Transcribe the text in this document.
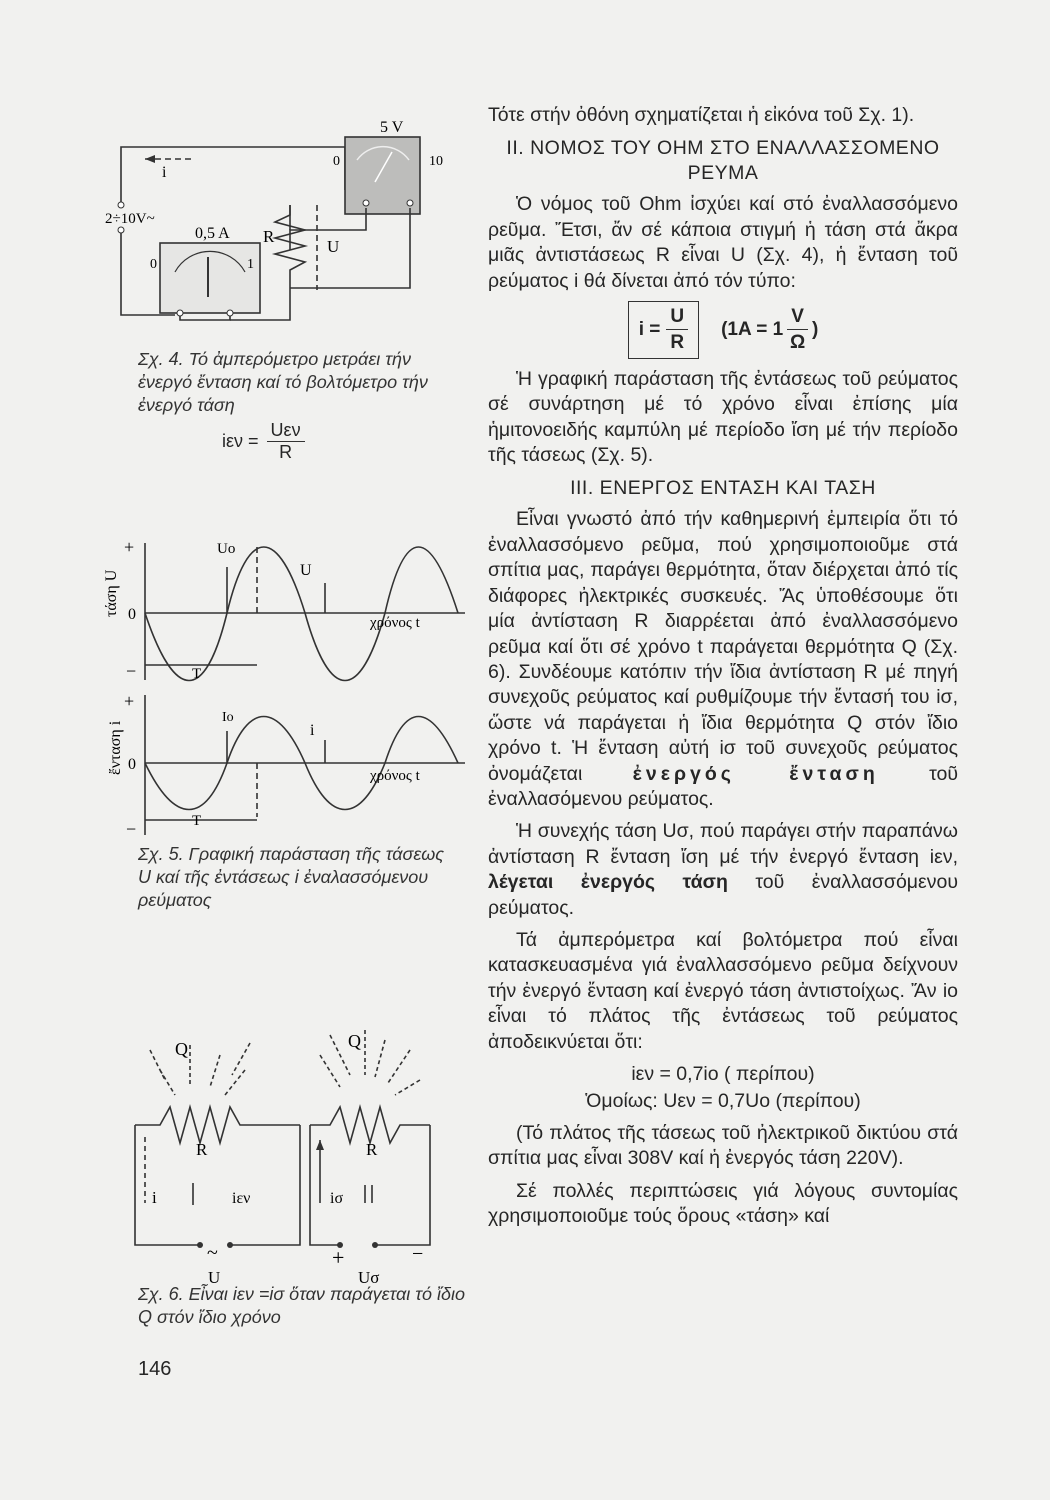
5 V
0	10
i
2÷10V~
0,5 A
0	1
R
U
Σχ. 4. Τό ἀμπερόμετρο μετράει τήν ἐνεργό ἔνταση καί τό βολτόμετρο τήν ἐνεργό τάση
$i\varepsilon\nu = \frac{\text{Uεν}}{R}$
+
0
−
τάση U
Uo
U
χρόνος t
T
+
0
−
ἔνταση i
Io
i
χρόνος t
T
Σχ. 5. Γραφική παράσταση τῆς τάσεως U καί τῆς ἐντάσεως i ἐναλασσόμενου ρεύματος
Q	Q
R	R
i	iεν
~
U
iσ
+	−
Uσ
Σχ. 6. Εἶναι iεν =iσ ὅταν παράγεται τό ἴδιο Q στόν ἴδιο χρόνο
146

Τότε στήν ὀθόνη σχηματίζεται ἡ εἰκόνα τοῦ Σχ. 1).

II. ΝΟΜΟΣ ΤΟΥ ΟΗΜ ΣΤΟ ΕΝΑΛΛΑΣΣΟΜΕΝΟ ΡΕΥΜΑ

Ὁ νόμος τοῦ Ohm ἰσχύει καί στό ἐναλλασσόμενο ρεῦμα. Ἔτσι, ἄν σέ κάποια στιγμή ἡ τάση στά ἄκρα μιᾶς ἀντιστάσεως R εἶναι U (Σχ. 4), ἡ ἔνταση τοῦ ρεύματος i θά δίνεται ἀπό τόν τύπο:

$i = \frac{U}{R} (1A = 1 \frac{V}{\Omega}$ )

Ἡ γραφική παράσταση τῆς ἐντάσεως τοῦ ρεύματος σέ συνάρτηση μέ τό χρόνο εἶναι ἐπίσης μία ἡμιτονοειδής καμπύλη μέ περίοδο ἴση μέ τήν περίοδο τῆς τάσεως (Σχ. 5).

III. ΕΝΕΡΓΟΣ ΕΝΤΑΣΗ ΚΑΙ ΤΑΣΗ

Εἶναι γνωστό ἀπό τήν καθημερινή ἐμπειρία ὅτι τό ἐναλλασσόμενο ρεῦμα, πού χρησιμοποιοῦμε στά σπίτια μας, παράγει θερμότητα, ὅταν διέρχεται ἀπό τίς διάφορες ἠλεκτρικές συσκευές. Ἄς ὑποθέσουμε ὅτι μία ἀντίσταση R διαρρέεται ἀπό ἐναλλασσόμενο ρεῦμα καί ὅτι σέ χρόνο t παράγεται θερμότητα Q (Σχ. 6). Συνδέουμε κατόπιν τήν ἴδια ἀντίσταση R μέ πηγή συνεχοῦς ρεύματος καί ρυθμίζουμε τήν ἔντασή του iσ, ὥστε νά παράγεται ἡ ἴδια θερμότητα Q στόν ἴδιο χρόνο t. Ἡ ἔνταση αὐτή iσ τοῦ συνεχοῦς ρεύματος ὀνομάζεται	ἐνεργός ἔνταση	τοῦ ἐναλλασόμενου ρεύματος.

Ἡ συνεχής τάση Uσ, πού παράγει στήν παραπάνω ἀντίσταση R ἔνταση ἴση μέ τήν ἐνεργό ἔνταση iεν, λέγεται ἐνεργός τάση τοῦ ἐναλλασσόμενου ρεύματος.

Τά ἀμπερόμετρα καί βολτόμετρα πού εἶναι κατασκευασμένα γιά ἐναλλασσόμενο ρεῦμα δείχνουν τήν ἐνεργό ἔνταση καί ἐνεργό τάση ἀντιστοίχως. Ἄν io εἶναι τό πλάτος τῆς ἐντάσεως τοῦ ρεύματος ἀποδεικνύεται ὅτι:

iεν = 0,7io ( περίπου)
Ὁμοίως: Uεν = 0,7Uo (περίπου)

(Τό πλάτος τῆς τάσεως τοῦ ἠλεκτρικοῦ δικτύου στά σπίτια μας εἶναι 308V καί ἡ ἐνεργός τάση 220V).

Σέ πολλές περιπτώσεις γιά λόγους συντομίας χρησιμοποιοῦμε τούς ὅρους «τάση» καί
